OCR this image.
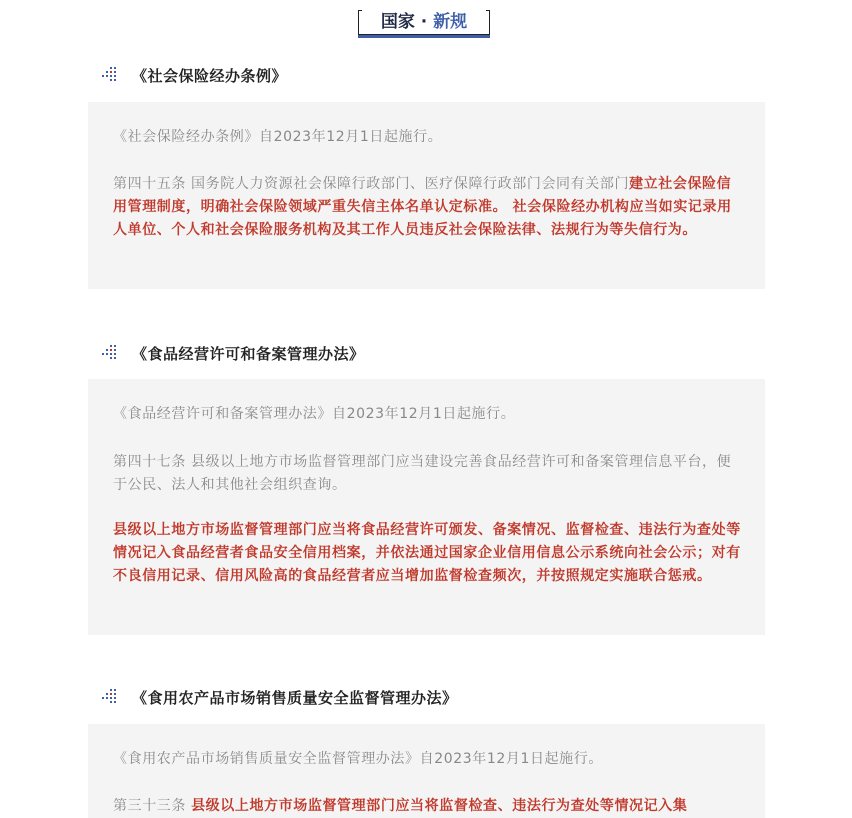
国家 · 新规
《社会保险经办条例》

《社会保险经办条例》自2023年12月1日起施行。

第四十五条 国务院人力资源社会保障行政部门、医疗保障行政部门会同有关部门建立社会保险信用管理制度，明确社会保险领域严重失信主体名单认定标准。 社会保险经办机构应当如实记录用人单位、个人和社会保险服务机构及其工作人员违反社会保险法律、法规行为等失信行为。

《食品经营许可和备案管理办法》

《食品经营许可和备案管理办法》自2023年12月1日起施行。

第四十七条 县级以上地方市场监督管理部门应当建设完善食品经营许可和备案管理信息平台，便于公民、法人和其他社会组织查询。

县级以上地方市场监督管理部门应当将食品经营许可颁发、备案情况、监督检查、违法行为查处等情况记入食品经营者食品安全信用档案，并依法通过国家企业信用信息公示系统向社会公示；对有不良信用记录、信用风险高的食品经营者应当增加监督检查频次，并按照规定实施联合惩戒。

《食用农产品市场销售质量安全监督管理办法》

《食用农产品市场销售质量安全监督管理办法》自2023年12月1日起施行。

第三十三条 县级以上地方市场监督管理部门应当将监督检查、违法行为查处等情况记入集
